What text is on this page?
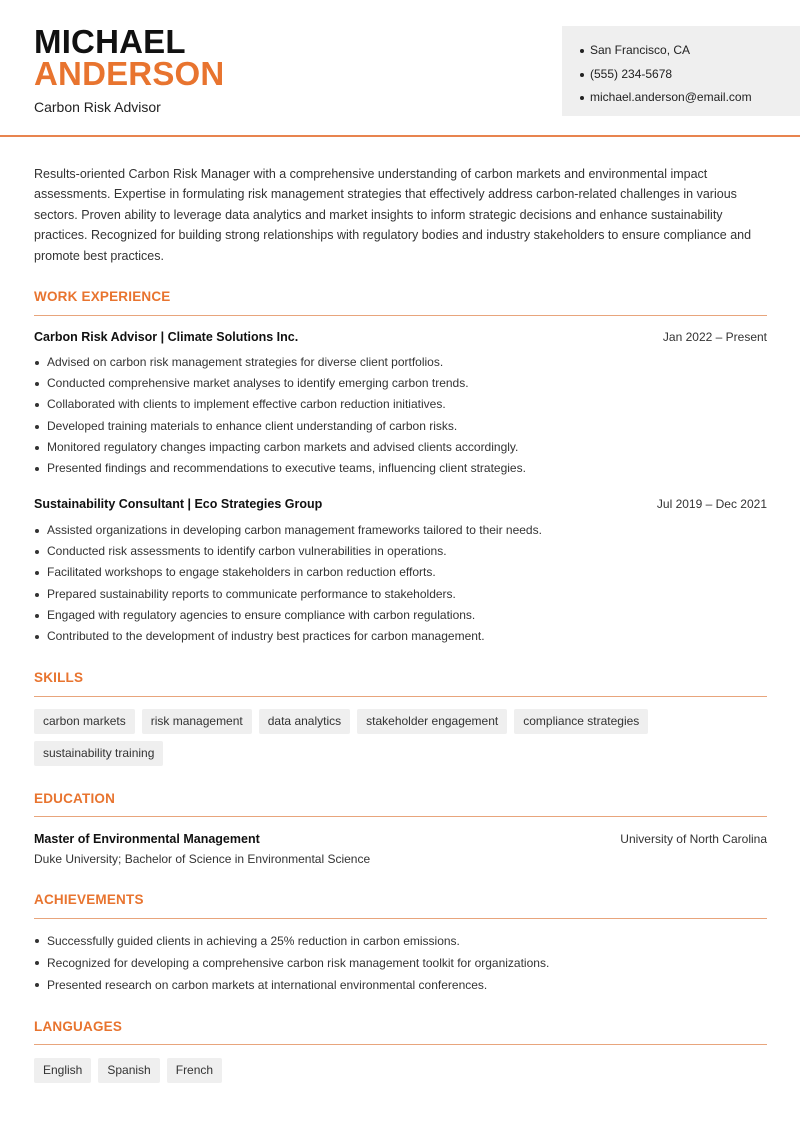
MICHAEL
ANDERSON
Carbon Risk Advisor
San Francisco, CA
(555) 234-5678
michael.anderson@email.com

Results-oriented Carbon Risk Manager with a comprehensive understanding of carbon markets and environmental impact assessments. Expertise in formulating risk management strategies that effectively address carbon-related challenges in various sectors. Proven ability to leverage data analytics and market insights to inform strategic decisions and enhance sustainability practices. Recognized for building strong relationships with regulatory bodies and industry stakeholders to ensure compliance and promote best practices.

WORK EXPERIENCE
Carbon Risk Advisor | Climate Solutions Inc.	Jan 2022 – Present
Advised on carbon risk management strategies for diverse client portfolios.
Conducted comprehensive market analyses to identify emerging carbon trends.
Collaborated with clients to implement effective carbon reduction initiatives.
Developed training materials to enhance client understanding of carbon risks.
Monitored regulatory changes impacting carbon markets and advised clients accordingly.
Presented findings and recommendations to executive teams, influencing client strategies.
Sustainability Consultant | Eco Strategies Group	Jul 2019 – Dec 2021
Assisted organizations in developing carbon management frameworks tailored to their needs.
Conducted risk assessments to identify carbon vulnerabilities in operations.
Facilitated workshops to engage stakeholders in carbon reduction efforts.
Prepared sustainability reports to communicate performance to stakeholders.
Engaged with regulatory agencies to ensure compliance with carbon regulations.
Contributed to the development of industry best practices for carbon management.
SKILLS
carbon markets	risk management	data analytics	stakeholder engagement	compliance strategies
sustainability training
EDUCATION
Master of Environmental Management	University of North Carolina
Duke University; Bachelor of Science in Environmental Science
ACHIEVEMENTS
Successfully guided clients in achieving a 25% reduction in carbon emissions.
Recognized for developing a comprehensive carbon risk management toolkit for organizations.
Presented research on carbon markets at international environmental conferences.
LANGUAGES
English	Spanish	French
